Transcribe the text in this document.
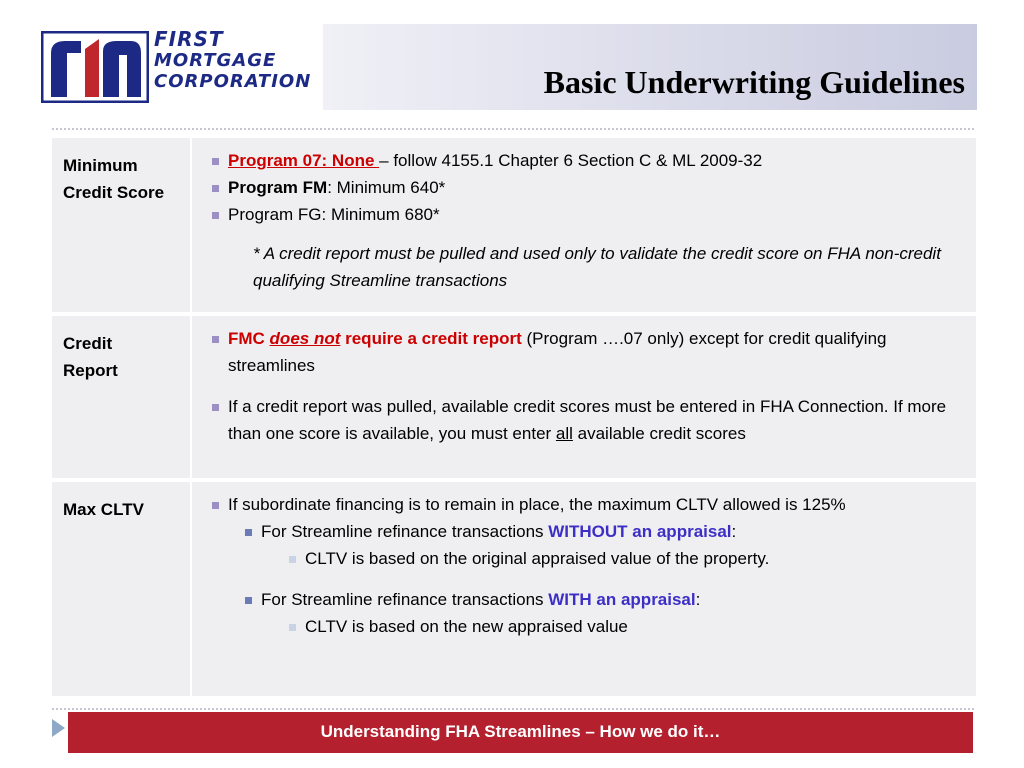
FIRST
MORTGAGE
CORPORATION	Basic Underwriting Guidelines
Minimum
Credit Score
Program 07: None – follow 4155.1 Chapter 6 Section C & ML 2009-32
Program FM: Minimum 640*
Program FG: Minimum 680*
* A credit report must be pulled and used only to validate the credit score on FHA non-credit qualifying Streamline transactions
Credit
Report
FMC does not require a credit report (Program ….07 only) except for credit qualifying streamlines
If a credit report was pulled, available credit scores must be entered in FHA Connection. If more than one score is available, you must enter all available credit scores
Max CLTV	If subordinate financing is to remain in place, the maximum CLTV allowed is 125%
For Streamline refinance transactions WITHOUT an appraisal:
CLTV is based on the original appraised value of the property.
For Streamline refinance transactions WITH an appraisal:
CLTV is based on the new appraised value
Understanding FHA Streamlines – How we do it…
